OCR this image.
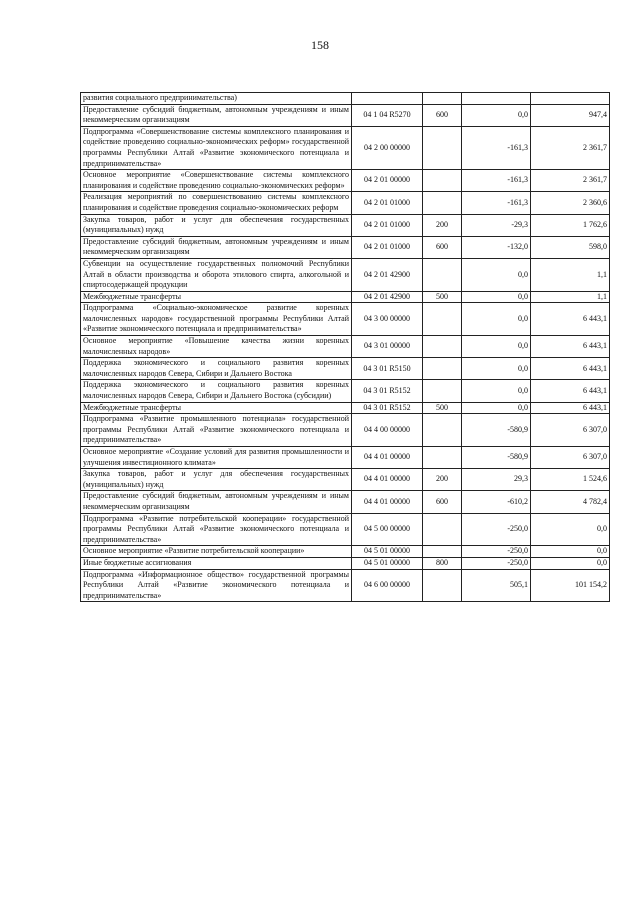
158
развития социального предпринимательства)				
Предоставление субсидий бюджетным, автономным учреждениям и иным некоммерческим организациям	04 1 04 R5270	600	0,0	947,4
Подпрограмма «Совершенствование системы комплексного планирования и содействие проведению социально-экономических реформ» государственной программы Республики Алтай «Развитие экономического потенциала и предпринимательства»	04 2 00 00000		-161,3	2 361,7
Основное мероприятие «Совершенствование системы комплексного планирования и содействие проведению социально-экономических реформ»	04 2 01 00000		-161,3	2 361,7
Реализация мероприятий по совершенствованию системы комплексного планирования и содействие проведения социально-экономических реформ	04 2 01 01000		-161,3	2 360,6
Закупка товаров, работ и услуг для обеспечения государственных (муниципальных) нужд	04 2 01 01000	200	-29,3	1 762,6
Предоставление субсидий бюджетным, автономным учреждениям и иным некоммерческим организациям	04 2 01 01000	600	-132,0	598,0
Субвенции на осуществление государственных полномочий Республики Алтай в области производства и оборота этилового спирта, алкогольной и спиртосодержащей продукции	04 2 01 42900		0,0	1,1
Межбюджетные трансферты	04 2 01 42900	500	0,0	1,1
Подпрограмма «Социально-экономическое развитие коренных малочисленных народов» государственной программы Республики Алтай «Развитие экономического потенциала и предпринимательства»	04 3 00 00000		0,0	6 443,1
Основное мероприятие «Повышение качества жизни коренных малочисленных народов»	04 3 01 00000		0,0	6 443,1
Поддержка экономического и социального развития коренных малочисленных народов Севера, Сибири и Дальнего Востока	04 3 01 R5150		0,0	6 443,1
Поддержка экономического и социального развития коренных малочисленных народов Севера, Сибири и Дальнего Востока (субсидии)	04 3 01 R5152		0,0	6 443,1
Межбюджетные трансферты	04 3 01 R5152	500	0,0	6 443,1
Подпрограмма «Развитие промышленного потенциала» государственной программы Республики Алтай «Развитие экономического потенциала и предпринимательства»	04 4 00 00000		-580,9	6 307,0
Основное мероприятие «Создание условий для развития промышленности и улучшения инвестиционного климата»	04 4 01 00000		-580,9	6 307,0
Закупка товаров, работ и услуг для обеспечения государственных (муниципальных) нужд	04 4 01 00000	200	29,3	1 524,6
Предоставление субсидий бюджетным, автономным учреждениям и иным некоммерческим организациям	04 4 01 00000	600	-610,2	4 782,4
Подпрограмма «Развитие потребительской кооперации» государственной программы Республики Алтай «Развитие экономического потенциала и предпринимательства»	04 5 00 00000		-250,0	0,0
Основное мероприятие «Развитие потребительской кооперации»	04 5 01 00000		-250,0	0,0
Иные бюджетные ассигнования	04 5 01 00000	800	-250,0	0,0
Подпрограмма «Информационное общество» государственной программы Республики Алтай «Развитие экономического потенциала и предпринимательства»	04 6 00 00000		505,1	101 154,2
